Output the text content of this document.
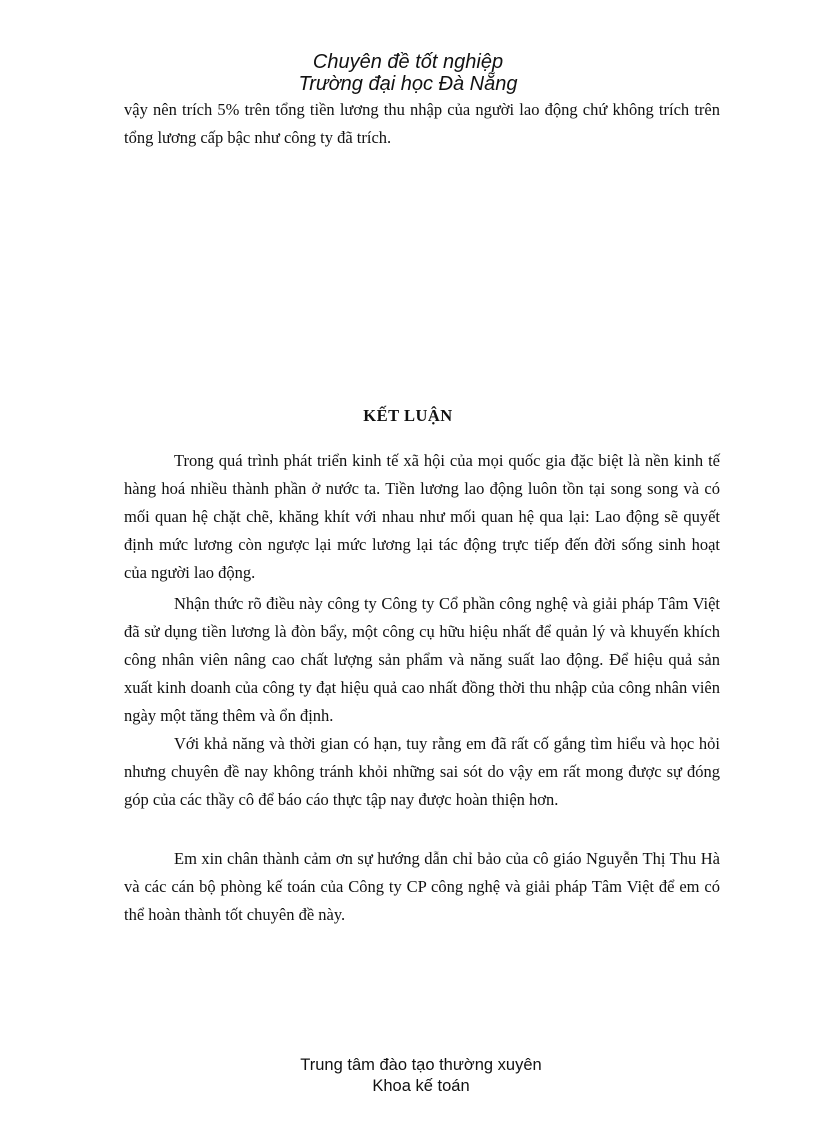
Chuyên đề tốt nghiệp
Trường đại học Đà Nẵng

vậy nên trích 5% trên tổng tiền lương thu nhập của người lao động chứ không trích trên tổng lương cấp bậc như công ty đã trích.

KẾT LUẬN

Trong quá trình phát triển kinh tế xã hội của mọi quốc gia đặc biệt là nền kinh tế hàng hoá nhiều thành phần ở nước ta. Tiền lương lao động luôn tồn tại song song và có mối quan hệ chặt chẽ, khăng khít với nhau như mối quan hệ qua lại: Lao động sẽ quyết định mức lương còn ngược lại mức lương lại tác động trực tiếp đến đời sống sinh hoạt của người lao động.

Nhận thức rõ điều này công ty Công ty Cổ phần công nghệ và giải pháp Tâm Việt đã sử dụng tiền lương là đòn bẩy, một công cụ hữu hiệu nhất để quản lý và khuyến khích công nhân viên nâng cao chất lượng sản phẩm và năng suất lao động. Để hiệu quả sản xuất kinh doanh của công ty đạt hiệu quả cao nhất đồng thời thu nhập của công nhân viên ngày một tăng thêm và ổn định.

Với khả năng và thời gian có hạn, tuy rằng em đã rất cố gắng tìm hiểu và học hỏi nhưng chuyên đề nay không tránh khỏi những sai sót do vậy em rất mong được sự đóng góp của các thầy cô để báo cáo thực tập nay được hoàn thiện hơn.

Em xin chân thành cảm ơn sự hướng dẫn chỉ bảo của cô giáo Nguyễn Thị Thu Hà và các cán bộ phòng kế toán của Công ty CP công nghệ và giải pháp Tâm Việt để em có thể hoàn thành tốt chuyên đề này.

Trung tâm đào tạo thường xuyên
Khoa kế toán
